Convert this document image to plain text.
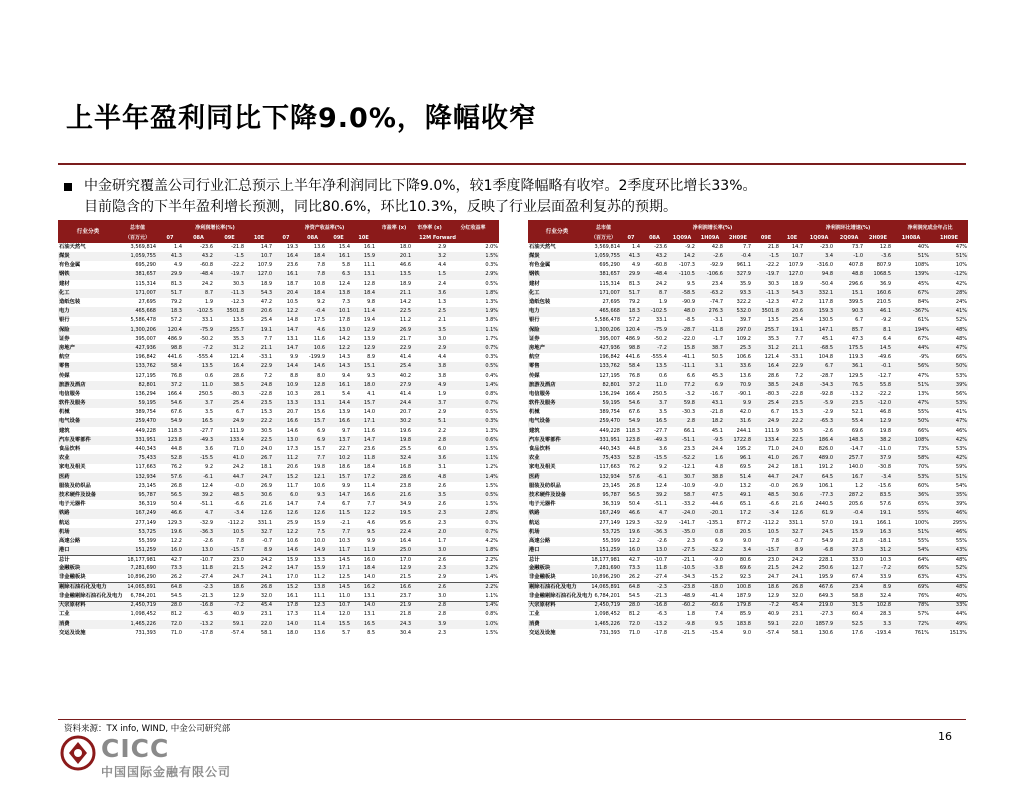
上半年盈利同比下降9.0%，降幅收窄
中金研究覆盖公司行业汇总预示上半年净利润同比下降9.0%，较1季度降幅略有收窄。2季度环比增长33%。
目前隐含的下半年盈利增长预测，同比80.6%，环比10.3%，反映了行业层面盈利复苏的预期。
行业分类	总市值	净利润增长率(%)				净资产收益率(%)				市盈率 (x)	市净率 (x)	分红收益率
	（百万元）	07	08A	09E	10E	07	08A	09E	10E	12M Forward		
石油天然气	3,569,814	1.4	-23.6	-21.8	14.7	19.3	13.6	15.4	16.1	18.0	2.9	2.0%
煤炭	1,059,755	41.3	43.2	-1.5	10.7	16.4	18.4	16.1	15.9	20.1	3.2	1.5%
有色金属	695,290	4.9	-60.8	-22.2	107.9	23.6	7.8	5.8	11.1	46.6	4.4	0.3%
钢铁	381,657	29.9	-48.4	-19.7	127.0	16.1	7.8	6.3	13.1	13.5	1.5	2.9%
建材	115,314	81.3	24.2	30.3	18.9	18.7	10.8	12.4	12.8	18.9	2.4	0.5%
化工	171,007	51.7	8.7	-11.3	54.3	20.4	18.4	13.8	18.4	21.1	3.6	1.8%
造纸包装	27,695	79.2	1.9	-12.3	47.2	10.5	9.2	7.3	9.8	14.2	1.3	1.3%
电力	465,668	18.3	-102.5	3501.8	20.6	12.2	-0.4	10.1	11.4	22.5	2.5	1.9%
银行	5,586,478	57.2	33.1	13.5	25.4	14.8	17.5	17.8	19.4	11.2	2.1	3.8%
保险	1,300,206	120.4	-75.9	255.7	19.1	14.7	4.6	13.0	12.9	26.9	3.5	1.1%
证券	395,007	486.9	-50.2	35.3	7.7	13.1	11.6	14.2	13.9	21.7	3.0	1.7%
房地产	427,936	98.8	-7.2	31.2	21.1	14.7	10.6	12.2	12.9	22.9	2.9	0.7%
航空	196,842	441.6	-555.4	121.4	-33.1	9.9	-199.9	14.3	8.9	41.4	4.4	0.3%
零售	133,762	58.4	13.5	16.4	22.9	14.4	14.6	14.3	15.1	25.4	3.8	0.5%
传媒	127,195	76.8	0.6	28.6	7.2	8.8	8.0	9.4	9.3	40.2	3.8	0.4%
旅游及酒店	82,801	37.2	11.0	38.5	24.8	10.9	12.8	16.1	18.0	27.9	4.9	1.4%
电信服务	136,294	166.4	250.5	-80.3	-22.8	10.3	28.1	5.4	4.1	41.4	1.9	0.8%
软件及服务	59,195	54.6	3.7	25.4	23.5	13.3	13.1	14.4	15.7	24.4	3.7	0.7%
机械	389,754	67.6	3.5	6.7	15.3	20.7	15.6	13.9	14.0	20.7	2.9	0.5%
电气设备	259,470	54.9	16.5	24.9	22.2	16.6	15.7	16.6	17.1	30.2	5.1	0.3%
建筑	449,228	118.3	-27.7	111.9	30.5	14.6	6.9	9.7	11.6	19.6	2.2	1.3%
汽车及零部件	331,951	123.8	-49.3	133.4	22.5	13.0	6.9	13.7	14.7	19.8	2.8	0.6%
食品饮料	440,343	44.8	3.6	71.0	24.0	17.3	15.7	22.7	23.6	25.5	6.0	1.5%
农业	75,433	52.8	-15.5	41.0	26.7	11.2	7.7	10.2	11.8	32.4	3.6	1.1%
家电及相关	117,663	76.2	9.2	24.2	18.1	20.6	19.8	18.6	18.4	16.8	3.1	1.2%
医药	132,934	57.6	-6.1	44.7	24.7	15.2	12.1	15.7	17.2	28.6	4.8	1.4%
服装及纺织品	23,145	26.8	12.4	-0.0	26.9	11.7	10.6	9.9	11.4	23.8	2.6	1.5%
技术硬件及设备	95,787	56.5	39.2	48.5	30.6	6.0	9.3	14.7	16.6	21.6	3.5	0.5%
电子元器件	36,319	50.4	-51.1	-6.6	21.6	14.7	7.4	6.7	7.7	34.9	2.6	1.5%
铁路	167,249	46.6	4.7	-3.4	12.6	12.6	12.6	11.5	12.2	19.5	2.3	2.8%
航运	277,149	129.3	-32.9	-112.2	331.1	25.9	15.9	-2.1	4.6	95.6	2.3	0.3%
机场	53,725	19.6	-36.3	10.5	32.7	12.2	7.5	7.7	9.5	22.4	2.0	0.7%
高速公路	55,399	12.2	-2.6	7.8	-0.7	10.6	10.0	10.3	9.9	16.4	1.7	4.2%
港口	151,259	16.0	13.0	-15.7	8.9	14.6	14.9	11.7	11.9	25.0	3.0	1.8%
总计	18,177,981	42.7	-10.7	23.0	24.2	15.9	13.3	14.5	16.0	17.0	2.6	2.2%
金融板块	7,281,690	73.3	11.8	21.5	24.2	14.7	15.9	17.1	18.4	12.9	2.3	3.2%
非金融板块	10,896,290	26.2	-27.4	24.7	24.1	17.0	11.2	12.5	14.0	21.5	2.9	1.4%
剔除石油石化及电力	14,065,891	64.8	-2.3	18.6	26.8	15.2	13.8	14.5	16.2	16.6	2.6	2.2%
非金融剔除石油石化及电力	6,784,201	54.5	-21.3	12.9	32.0	16.1	11.1	11.0	13.1	23.7	3.0	1.1%
大宗原材料	2,450,719	28.0	-16.8	-7.2	45.4	17.8	12.3	10.7	14.0	21.9	2.8	1.4%
工业	1,098,452	81.2	-6.3	40.9	23.1	17.3	11.4	12.0	13.1	21.8	2.8	0.8%
消费	1,465,226	72.0	-13.2	59.1	22.0	14.0	11.4	15.5	16.5	24.3	3.9	1.0%
交运及设施	731,393	71.0	-17.8	-57.4	58.1	18.0	13.6	5.7	8.5	30.4	2.3	1.5%
行业分类	总市值	净利润增长率(%)							净利润环比增速(%)			净利润完成全年占比	
	（百万元）	07	08A	1Q09A	1H09A	2H09E	09E	10E	1Q09A	2Q09A	2H09E	1H08A	1H09E
石油天然气	3,569,814	1.4	-23.6	-9.2	42.8	7.7	21.8	14.7	-23.0	73.7	12.8	40%	47%
煤炭	1,059,755	41.3	43.2	14.2	-2.6	-0.4	-1.5	10.7	3.4	-1.0	-3.6	51%	51%
有色金属	695,290	4.9	-60.8	-107.3	-92.9	961.1	-22.2	107.9	-316.0	407.8	807.9	108%	10%
钢铁	381,657	29.9	-48.4	-110.5	-106.6	327.9	-19.7	127.0	94.8	48.8	1068.5	139%	-12%
建材	115,314	81.3	24.2	9.5	23.4	35.9	30.3	18.9	-50.4	296.6	36.9	45%	42%
化工	171,007	51.7	8.7	-58.5	-63.2	93.3	-11.3	54.3	332.1	15.1	160.6	67%	28%
造纸包装	27,695	79.2	1.9	-90.9	-74.7	322.2	-12.3	47.2	117.8	399.5	210.5	84%	24%
电力	465,668	18.3	-102.5	48.0	276.3	532.0	3501.8	20.6	159.3	90.3	46.1	-367%	41%
银行	5,586,478	57.2	33.1	-8.5	-3.1	39.7	13.5	25.4	130.5	6.7	-9.2	61%	52%
保险	1,300,206	120.4	-75.9	-28.7	-11.8	297.0	255.7	19.1	147.1	85.7	8.1	194%	48%
证券	395,007	486.9	-50.2	-22.0	-1.7	109.2	35.3	7.7	45.1	47.3	6.4	67%	48%
房地产	427,936	98.8	-7.2	15.8	38.7	25.3	31.2	21.1	-68.5	175.5	14.5	44%	47%
航空	196,842	441.6	-555.4	-41.1	50.5	106.6	121.4	-33.1	104.8	119.3	-49.6	-9%	66%
零售	133,762	58.4	13.5	-11.1	3.1	33.6	16.4	22.9	6.7	36.1	-0.1	56%	50%
传媒	127,195	76.8	0.6	6.6	45.3	13.6	28.6	7.2	-28.7	129.5	-12.7	47%	53%
旅游及酒店	82,801	37.2	11.0	77.2	6.9	70.9	38.5	24.8	-34.3	76.5	55.8	51%	39%
电信服务	136,294	166.4	250.5	-3.2	-16.7	-90.1	-80.3	-22.8	-92.8	-13.2	-22.2	13%	56%
软件及服务	59,195	54.6	3.7	59.8	43.1	9.9	25.4	23.5	-5.9	23.5	-12.0	47%	53%
机械	389,754	67.6	3.5	-30.3	-21.8	42.0	6.7	15.3	-2.9	52.1	46.8	55%	41%
电气设备	259,470	54.9	16.5	2.8	18.2	31.6	24.9	22.2	-65.3	55.4	12.9	50%	47%
建筑	449,228	118.3	-27.7	66.1	45.1	244.1	111.9	30.5	-2.6	69.6	19.8	66%	46%
汽车及零部件	331,951	123.8	-49.3	-51.1	-9.5	1722.8	133.4	22.5	186.4	148.3	38.2	108%	42%
食品饮料	440,343	44.8	3.6	23.3	24.4	195.2	71.0	24.0	826.0	-14.7	-11.0	73%	53%
农业	75,433	52.8	-15.5	-52.2	1.6	96.1	41.0	26.7	489.0	257.7	37.9	58%	42%
家电及相关	117,663	76.2	9.2	-12.1	4.8	69.5	24.2	18.1	191.2	140.0	-30.8	70%	59%
医药	132,934	57.6	-6.1	30.7	38.8	51.4	44.7	24.7	64.5	16.7	-3.4	53%	51%
服装及纺织品	23,145	26.8	12.4	-10.9	-9.0	13.2	-0.0	26.9	106.1	1.2	-15.6	60%	54%
技术硬件及设备	95,787	56.5	39.2	58.7	47.5	49.1	48.5	30.6	-77.3	287.2	83.5	36%	35%
电子元器件	36,319	50.4	-51.1	-33.2	-44.6	65.1	-6.6	21.6	2440.5	205.6	57.6	65%	39%
铁路	167,249	46.6	4.7	-24.0	-20.1	17.2	-3.4	12.6	61.9	-0.4	19.1	55%	46%
航运	277,149	129.3	-32.9	-141.7	-135.1	877.2	-112.2	331.1	57.0	19.1	166.1	100%	295%
机场	53,725	19.6	-36.3	-35.0	0.8	20.5	10.5	32.7	24.5	15.9	16.3	51%	46%
高速公路	55,399	12.2	-2.6	2.3	6.9	9.0	7.8	-0.7	54.9	21.8	-18.1	55%	55%
港口	151,259	16.0	13.0	-27.5	-32.2	3.4	-15.7	8.9	-6.8	37.3	31.2	54%	43%
总计	18,177,981	42.7	-10.7	-21.1	-9.0	80.6	23.0	24.2	228.1	33.0	10.3	64%	48%
金融板块	7,281,690	73.3	11.8	-10.5	-3.8	69.6	21.5	24.2	250.6	12.7	-7.2	66%	52%
非金融板块	10,896,290	26.2	-27.4	-34.3	-15.2	92.3	24.7	24.1	195.9	67.4	33.9	63%	43%
剔除石油石化及电力	14,065,891	64.8	-2.3	-23.8	-18.0	100.8	18.6	26.8	467.6	23.4	8.9	69%	48%
非金融剔除石油石化及电力	6,784,201	54.5	-21.3	-48.9	-41.4	187.9	12.9	32.0	649.3	58.8	32.4	76%	40%
大宗原材料	2,450,719	28.0	-16.8	-60.2	-60.6	179.8	-7.2	45.4	219.0	31.5	102.8	78%	33%
工业	1,098,452	81.2	-6.3	1.8	7.4	85.9	40.9	23.1	-27.3	60.4	28.3	57%	44%
消费	1,465,226	72.0	-13.2	-9.8	9.5	183.8	59.1	22.0	1857.9	52.5	3.3	72%	49%
交运及设施	731,393	71.0	-17.8	-21.5	-15.4	9.0	-57.4	58.1	130.6	17.6	-193.4	761%	1513%
资料来源：TX info, WIND, 中金公司研究部
CICC
中国国际金融有限公司
16
